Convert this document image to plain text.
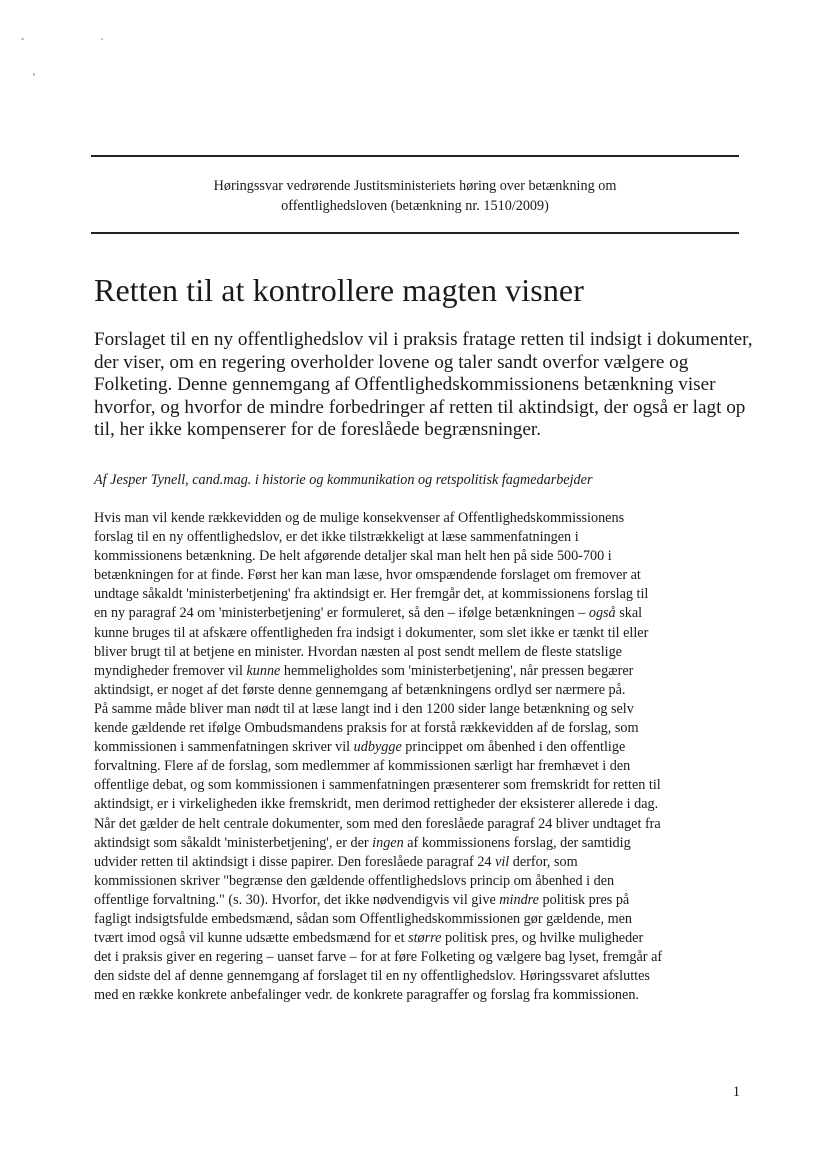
Høringssvar vedrørende Justitsministeriets høring over betænkning om
offentlighedsloven (betænkning nr. 1510/2009)
Retten til at kontrollere magten visner
Forslaget til en ny offentlighedslov vil i praksis fratage retten til indsigt i dokumenter,
der viser, om en regering overholder lovene og taler sandt overfor vælgere og
Folketing. Denne gennemgang af Offentlighedskommissionens betænkning viser
hvorfor, og hvorfor de mindre forbedringer af retten til aktindsigt, der også er lagt op
til, her ikke kompenserer for de foreslåede begrænsninger.

Af Jesper Tynell, cand.mag. i historie og kommunikation og retspolitisk fagmedarbejder

Hvis man vil kende rækkevidden og de mulige konsekvenser af Offentlighedskommissionens
forslag til en ny offentlighedslov, er det ikke tilstrækkeligt at læse sammenfatningen i
kommissionens betænkning. De helt afgørende detaljer skal man helt hen på side 500-700 i
betænkningen for at finde. Først her kan man læse, hvor omspændende forslaget om fremover at
undtage såkaldt 'ministerbetjening' fra aktindsigt er. Her fremgår det, at kommissionens forslag til
en ny paragraf 24 om 'ministerbetjening' er formuleret, så den – ifølge betænkningen – også skal
kunne bruges til at afskære offentligheden fra indsigt i dokumenter, som slet ikke er tænkt til eller
bliver brugt til at betjene en minister. Hvordan næsten al post sendt mellem de fleste statslige
myndigheder fremover vil kunne hemmeligholdes som 'ministerbetjening', når pressen begærer
aktindsigt, er noget af det første denne gennemgang af betænkningens ordlyd ser nærmere på.
På samme måde bliver man nødt til at læse langt ind i den 1200 sider lange betænkning og selv
kende gældende ret ifølge Ombudsmandens praksis for at forstå rækkevidden af de forslag, som
kommissionen i sammenfatningen skriver vil udbygge princippet om åbenhed i den offentlige
forvaltning. Flere af de forslag, som medlemmer af kommissionen særligt har fremhævet i den
offentlige debat, og som kommissionen i sammenfatningen præsenterer som fremskridt for retten til
aktindsigt, er i virkeligheden ikke fremskridt, men derimod rettigheder der eksisterer allerede i dag.
Når det gælder de helt centrale dokumenter, som med den foreslåede paragraf 24 bliver undtaget fra
aktindsigt som såkaldt 'ministerbetjening', er der ingen af kommissionens forslag, der samtidig
udvider retten til aktindsigt i disse papirer. Den foreslåede paragraf 24 vil derfor, som
kommissionen skriver "begrænse den gældende offentlighedslovs princip om åbenhed i den
offentlige forvaltning." (s. 30). Hvorfor, det ikke nødvendigvis vil give mindre politisk pres på
fagligt indsigtsfulde embedsmænd, sådan som Offentlighedskommissionen gør gældende, men
tvært imod også vil kunne udsætte embedsmænd for et større politisk pres, og hvilke muligheder
det i praksis giver en regering – uanset farve – for at føre Folketing og vælgere bag lyset, fremgår af
den sidste del af denne gennemgang af forslaget til en ny offentlighedslov. Høringssvaret afsluttes
med en række konkrete anbefalinger vedr. de konkrete paragraffer og forslag fra kommissionen.
1
